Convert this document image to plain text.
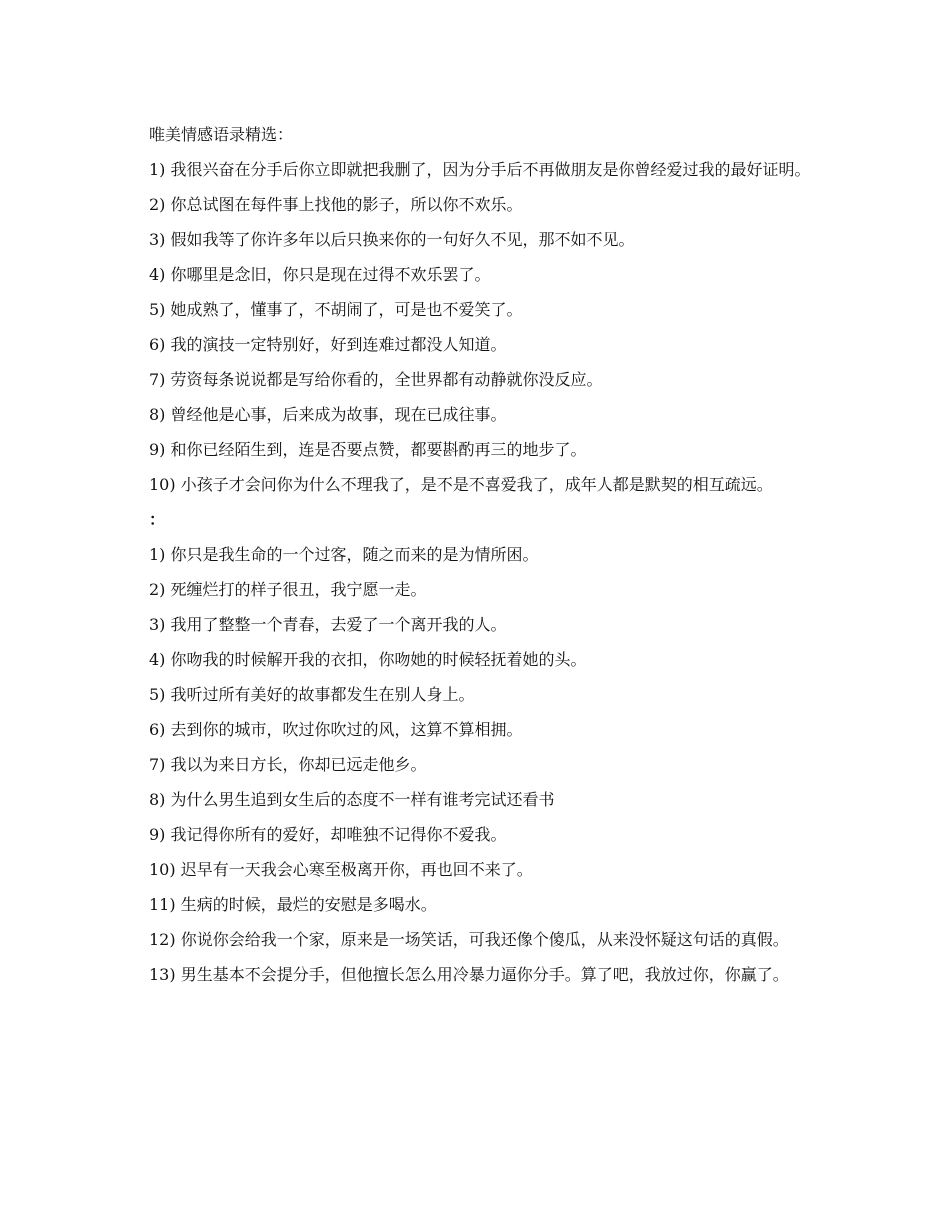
唯美情感语录精选：

1) 我很兴奋在分手后你立即就把我删了，因为分手后不再做朋友是你曾经爱过我的最好证明。

2) 你总试图在每件事上找他的影子，所以你不欢乐。

3) 假如我等了你许多年以后只换来你的一句好久不见，那不如不见。

4) 你哪里是念旧，你只是现在过得不欢乐罢了。

5) 她成熟了，懂事了，不胡闹了，可是也不爱笑了。

6) 我的演技一定特别好，好到连难过都没人知道。

7) 劳资每条说说都是写给你看的，全世界都有动静就你没反应。

8) 曾经他是心事，后来成为故事，现在已成往事。

9) 和你已经陌生到，连是否要点赞，都要斟酌再三的地步了。

10) 小孩子才会问你为什么不理我了，是不是不喜爱我了，成年人都是默契的相互疏远。

：

1) 你只是我生命的一个过客，随之而来的是为情所困。

2) 死缠烂打的样子很丑，我宁愿一走。

3) 我用了整整一个青春，去爱了一个离开我的人。

4) 你吻我的时候解开我的衣扣，你吻她的时候轻抚着她的头。

5) 我听过所有美好的故事都发生在别人身上。

6) 去到你的城市，吹过你吹过的风，这算不算相拥。

7) 我以为来日方长，你却已远走他乡。

8) 为什么男生追到女生后的态度不一样有谁考完试还看书

9) 我记得你所有的爱好，却唯独不记得你不爱我。

10) 迟早有一天我会心寒至极离开你，再也回不来了。

11) 生病的时候，最烂的安慰是多喝水。

12) 你说你会给我一个家，原来是一场笑话，可我还像个傻瓜，从来没怀疑这句话的真假。

13) 男生基本不会提分手，但他擅长怎么用冷暴力逼你分手。算了吧，我放过你，你赢了。
